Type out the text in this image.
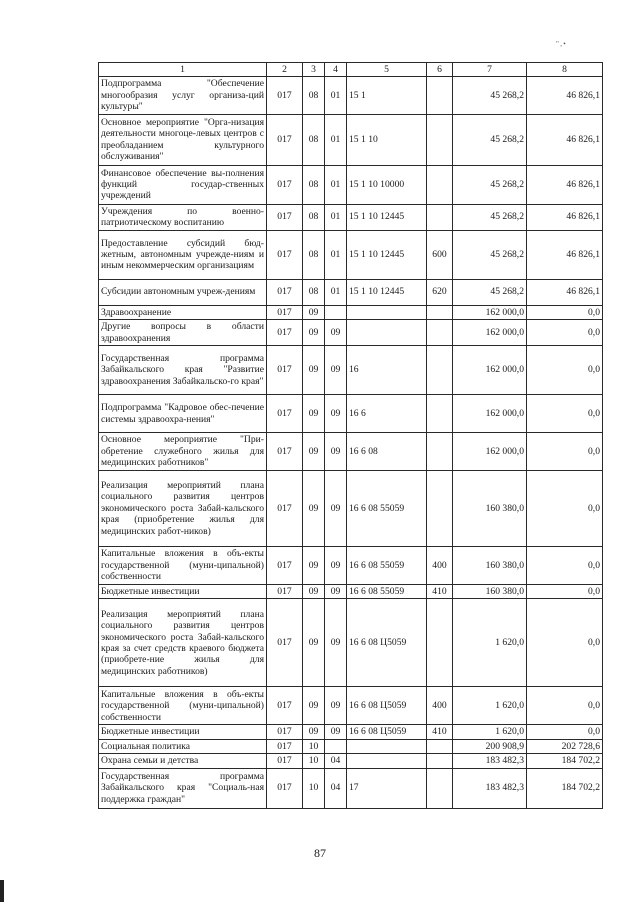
"‚•
1	2	3	4	5	6	7	8
Подпрограмма "Обеспечение многообразия услуг организа-ций культуры"	017	08	01	15 1		45 268,2	46 826,1
Основное мероприятие "Орга-низация деятельности многоце-левых центров с преобладанием культурного обслуживания"	017	08	01	15 1 10		45 268,2	46 826,1
Финансовое обеспечение вы-полнения функций государ-ственных учреждений	017	08	01	15 1 10 10000		45 268,2	46 826,1
Учреждения по военно-патриотическому воспитанию	017	08	01	15 1 10 12445		45 268,2	46 826,1
Предоставление субсидий бюд-жетным, автономным учрежде-ниям и иным некоммерческим организациям	017	08	01	15 1 10 12445	600	45 268,2	46 826,1
Субсидии автономным учреж-дениям	017	08	01	15 1 10 12445	620	45 268,2	46 826,1
Здравоохранение	017	09				162 000,0	0,0
Другие вопросы в области здравоохранения	017	09	09			162 000,0	0,0
Государственная программа Забайкальского края "Развитие здравоохранения Забайкальско-го края"	017	09	09	16		162 000,0	0,0
Подпрограмма "Кадровое обес-печение системы здравоохра-нения"	017	09	09	16 6		162 000,0	0,0
Основное мероприятие "При-обретение служебного жилья для медицинских работников"	017	09	09	16 6 08		162 000,0	0,0
Реализация мероприятий плана социального развития центров экономического роста Забай-кальского края (приобретение жилья для медицинских работ-ников)	017	09	09	16 6 08 55059		160 380,0	0,0
Капитальные вложения в объ-екты государственной (муни-ципальной) собственности	017	09	09	16 6 08 55059	400	160 380,0	0,0
Бюджетные инвестиции	017	09	09	16 6 08 55059	410	160 380,0	0,0
Реализация мероприятий плана социального развития центров экономического роста Забай-кальского края за счет средств краевого бюджета (приобрете-ние жилья для медицинских работников)	017	09	09	16 6 08 Ц5059		1 620,0	0,0
Капитальные вложения в объ-екты государственной (муни-ципальной) собственности	017	09	09	16 6 08 Ц5059	400	1 620,0	0,0
Бюджетные инвестиции	017	09	09	16 6 08 Ц5059	410	1 620,0	0,0
Социальная политика	017	10				200 908,9	202 728,6
Охрана семьи и детства	017	10	04			183 482,3	184 702,2
Государственная программа Забайкальского края "Социаль-ная поддержка граждан"	017	10	04	17		183 482,3	184 702,2
87
